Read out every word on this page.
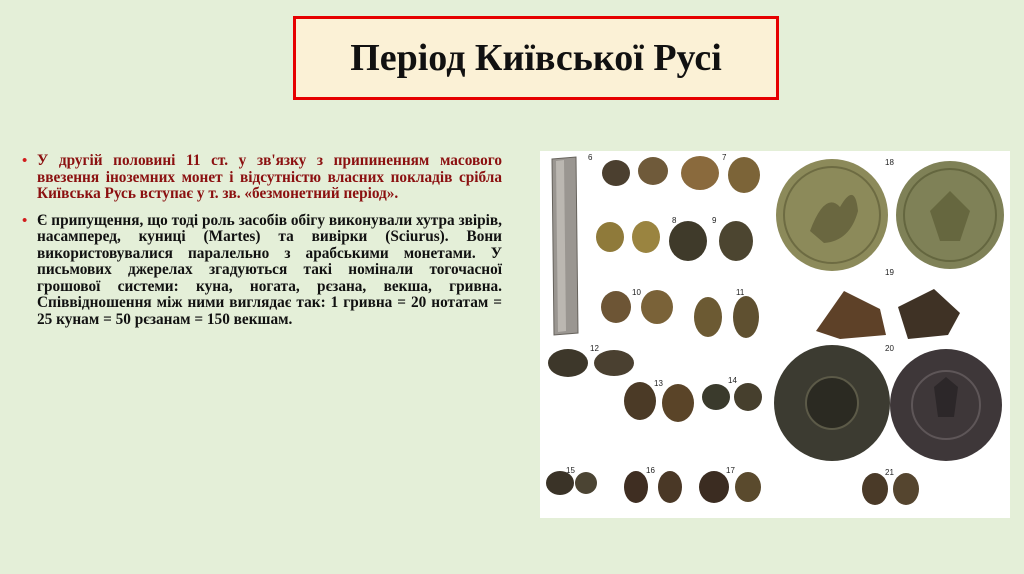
Період Київської Русі
• У другій половині 11 ст. у зв'язку з припиненням масового ввезення іноземних монет і відсутністю власних покладів срібла Київська Русь вступає у т. зв. «безмонетний період».
• Є припущення, що тоді роль засобів обігу виконували хутра звірів, насамперед, куниці (Martes) та вивірки (Sciurus). Вони використовувалися паралельно з арабськими монетами. У письмових джерелах згадуються такі номінали тогочасної грошової системи: куна, ногата, рєзана, векша, гривна. Співвідношення між ними виглядає так: 1 гривна = 20 нотатам = 25 кунам = 50 рєзанам = 150 векшам.
6	7
8	9
10	11
12
13	14
15	16	17
18
19
20
21
